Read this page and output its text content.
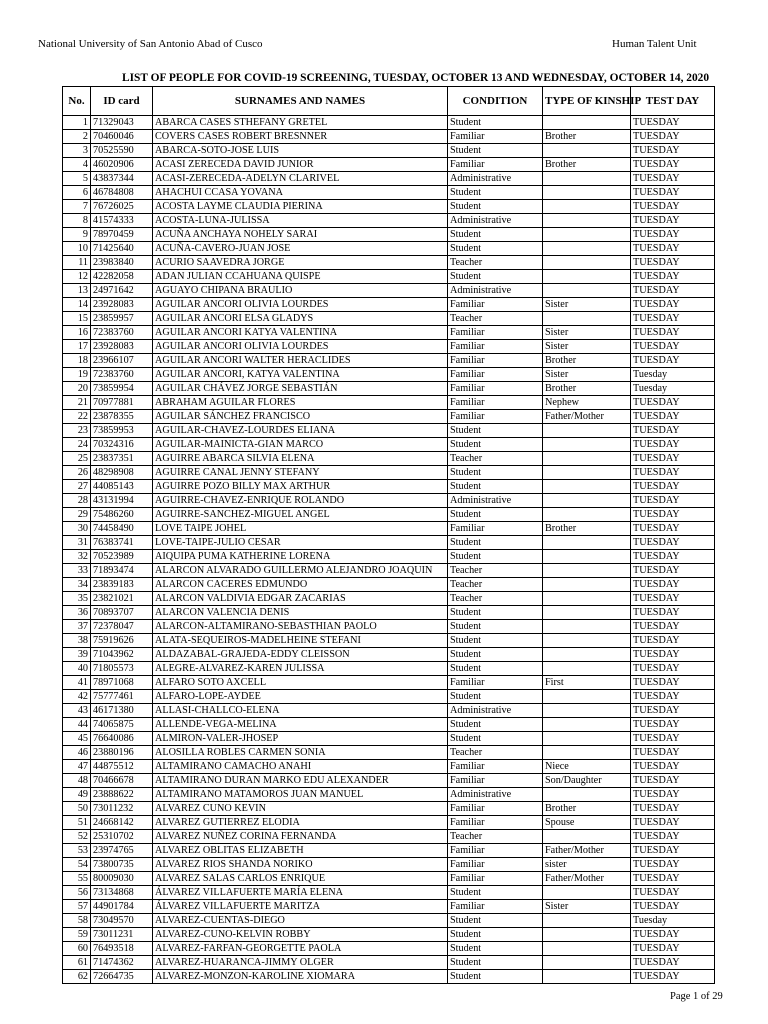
National University of San Antonio Abad of Cusco	Human Talent Unit
LIST OF PEOPLE FOR COVID-19 SCREENING, TUESDAY, OCTOBER 13 AND WEDNESDAY, OCTOBER 14, 2020
No.	ID card	SURNAMES AND NAMES	CONDITION	TYPE OF KINSHIP	TEST DAY
1	71329043	ABARCA CASES STHEFANY GRETEL	Student		TUESDAY
2	70460046	COVERS CASES ROBERT BRESNNER	Familiar	Brother	TUESDAY
3	70525590	ABARCA-SOTO-JOSE LUIS	Student		TUESDAY
4	46020906	ACASI ZERECEDA DAVID JUNIOR	Familiar	Brother	TUESDAY
5	43837344	ACASI-ZERECEDA-ADELYN CLARIVEL	Administrative		TUESDAY
6	46784808	AHACHUI CCASA YOVANA	Student		TUESDAY
7	76726025	ACOSTA LAYME CLAUDIA PIERINA	Student		TUESDAY
8	41574333	ACOSTA-LUNA-JULISSA	Administrative		TUESDAY
9	78970459	ACUÑA ANCHAYA NOHELY SARAI	Student		TUESDAY
10	71425640	ACUÑA-CAVERO-JUAN JOSE	Student		TUESDAY
11	23983840	ACURIO SAAVEDRA JORGE	Teacher		TUESDAY
12	42282058	ADAN JULIAN CCAHUANA QUISPE	Student		TUESDAY
13	24971642	AGUAYO CHIPANA BRAULIO	Administrative		TUESDAY
14	23928083	AGUILAR ANCORI OLIVIA LOURDES	Familiar	Sister	TUESDAY
15	23859957	AGUILAR ANCORI ELSA GLADYS	Teacher		TUESDAY
16	72383760	AGUILAR ANCORI KATYA VALENTINA	Familiar	Sister	TUESDAY
17	23928083	AGUILAR ANCORI OLIVIA LOURDES	Familiar	Sister	TUESDAY
18	23966107	AGUILAR ANCORI WALTER HERACLIDES	Familiar	Brother	TUESDAY
19	72383760	AGUILAR ANCORI, KATYA VALENTINA	Familiar	Sister	Tuesday
20	73859954	AGUILAR CHÁVEZ JORGE SEBASTIÁN	Familiar	Brother	Tuesday
21	70977881	ABRAHAM AGUILAR FLORES	Familiar	Nephew	TUESDAY
22	23878355	AGUILAR SÁNCHEZ FRANCISCO	Familiar	Father/Mother	TUESDAY
23	73859953	AGUILAR-CHAVEZ-LOURDES ELIANA	Student		TUESDAY
24	70324316	AGUILAR-MAINICTA-GIAN MARCO	Student		TUESDAY
25	23837351	AGUIRRE ABARCA SILVIA ELENA	Teacher		TUESDAY
26	48298908	AGUIRRE CANAL JENNY STEFANY	Student		TUESDAY
27	44085143	AGUIRRE POZO BILLY MAX ARTHUR	Student		TUESDAY
28	43131994	AGUIRRE-CHAVEZ-ENRIQUE ROLANDO	Administrative		TUESDAY
29	75486260	AGUIRRE-SANCHEZ-MIGUEL ANGEL	Student		TUESDAY
30	74458490	LOVE TAIPE JOHEL	Familiar	Brother	TUESDAY
31	76383741	LOVE-TAIPE-JULIO CESAR	Student		TUESDAY
32	70523989	AIQUIPA PUMA KATHERINE LORENA	Student		TUESDAY
33	71893474	ALARCON ALVARADO GUILLERMO ALEJANDRO JOAQUIN	Teacher		TUESDAY
34	23839183	ALARCON CACERES EDMUNDO	Teacher		TUESDAY
35	23821021	ALARCON VALDIVIA EDGAR ZACARIAS	Teacher		TUESDAY
36	70893707	ALARCON VALENCIA DENIS	Student		TUESDAY
37	72378047	ALARCON-ALTAMIRANO-SEBASTHIAN PAOLO	Student		TUESDAY
38	75919626	ALATA-SEQUEIROS-MADELHEINE STEFANI	Student		TUESDAY
39	71043962	ALDAZABAL-GRAJEDA-EDDY CLEISSON	Student		TUESDAY
40	71805573	ALEGRE-ALVAREZ-KAREN JULISSA	Student		TUESDAY
41	78971068	ALFARO SOTO AXCELL	Familiar	First	TUESDAY
42	75777461	ALFARO-LOPE-AYDEE	Student		TUESDAY
43	46171380	ALLASI-CHALLCO-ELENA	Administrative		TUESDAY
44	74065875	ALLENDE-VEGA-MELINA	Student		TUESDAY
45	76640086	ALMIRON-VALER-JHOSEP	Student		TUESDAY
46	23880196	ALOSILLA ROBLES CARMEN SONIA	Teacher		TUESDAY
47	44875512	ALTAMIRANO CAMACHO ANAHI	Familiar	Niece	TUESDAY
48	70466678	ALTAMIRANO DURAN MARKO EDU ALEXANDER	Familiar	Son/Daughter	TUESDAY
49	23888622	ALTAMIRANO MATAMOROS JUAN MANUEL	Administrative		TUESDAY
50	73011232	ALVAREZ CUNO KEVIN	Familiar	Brother	TUESDAY
51	24668142	ALVAREZ GUTIERREZ ELODIA	Familiar	Spouse	TUESDAY
52	25310702	ALVAREZ NUÑEZ CORINA FERNANDA	Teacher		TUESDAY
53	23974765	ALVAREZ OBLITAS ELIZABETH	Familiar	Father/Mother	TUESDAY
54	73800735	ALVAREZ RIOS SHANDA NORIKO	Familiar	sister	TUESDAY
55	80009030	ALVAREZ SALAS CARLOS ENRIQUE	Familiar	Father/Mother	TUESDAY
56	73134868	ÁLVAREZ VILLAFUERTE MARÍA ELENA	Student		TUESDAY
57	44901784	ÁLVAREZ VILLAFUERTE MARITZA	Familiar	Sister	TUESDAY
58	73049570	ALVAREZ-CUENTAS-DIEGO	Student		Tuesday
59	73011231	ALVAREZ-CUNO-KELVIN ROBBY	Student		TUESDAY
60	76493518	ALVAREZ-FARFAN-GEORGETTE PAOLA	Student		TUESDAY
61	71474362	ALVAREZ-HUARANCA-JIMMY OLGER	Student		TUESDAY
62	72664735	ALVAREZ-MONZON-KAROLINE XIOMARA	Student		TUESDAY
Page 1 of 29
